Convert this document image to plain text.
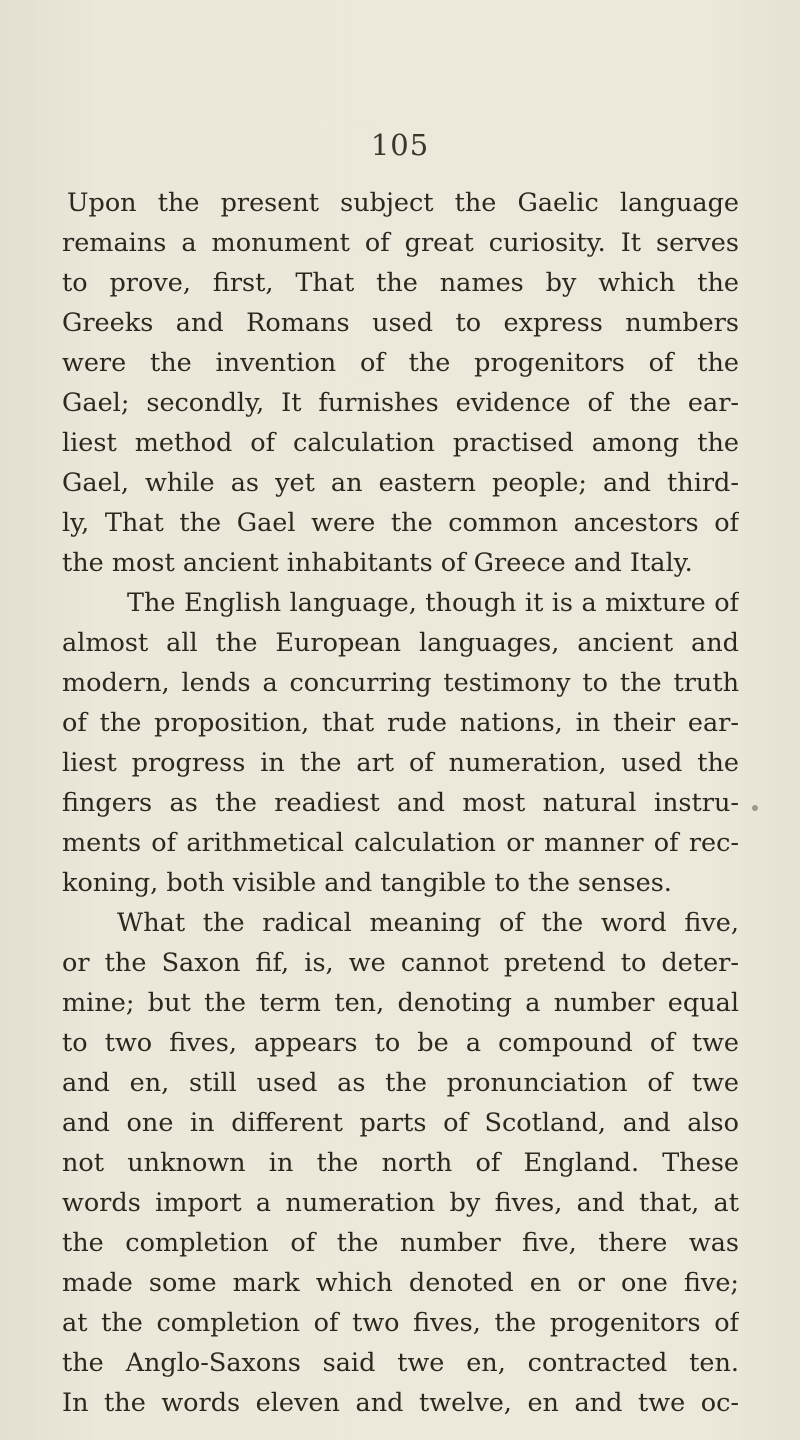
105
Upon the present subject the Gaelic language
remains a monument of great curiosity. It serves
to prove, first, That the names by which the
Greeks and Romans used to express numbers
were the invention of the progenitors of the
Gael; secondly, It furnishes evidence of the ear-
liest method of calculation practised among the
Gael, while as yet an eastern people; and third-
ly, That the Gael were the common ancestors of
the most ancient inhabitants of Greece and Italy.
The English language, though it is a mixture of
almost all the European languages, ancient and
modern, lends a concurring testimony to the truth
of the proposition, that rude nations, in their ear-
liest progress in the art of numeration, used the
fingers as the readiest and most natural instru-
ments of arithmetical calculation or manner of rec-
koning, both visible and tangible to the senses.
What the radical meaning of the word five,
or the Saxon fif, is, we cannot pretend to deter-
mine; but the term ten, denoting a number equal
to two fives, appears to be a compound of twe
and en, still used as the pronunciation of twe
and one in different parts of Scotland, and also
not unknown in the north of England. These
words import a numeration by fives, and that, at
the completion of the number five, there was
made some mark which denoted en or one five;
at the completion of two fives, the progenitors of
the Anglo-Saxons said twe en, contracted ten.
In the words eleven and twelve, en and twe oc-
